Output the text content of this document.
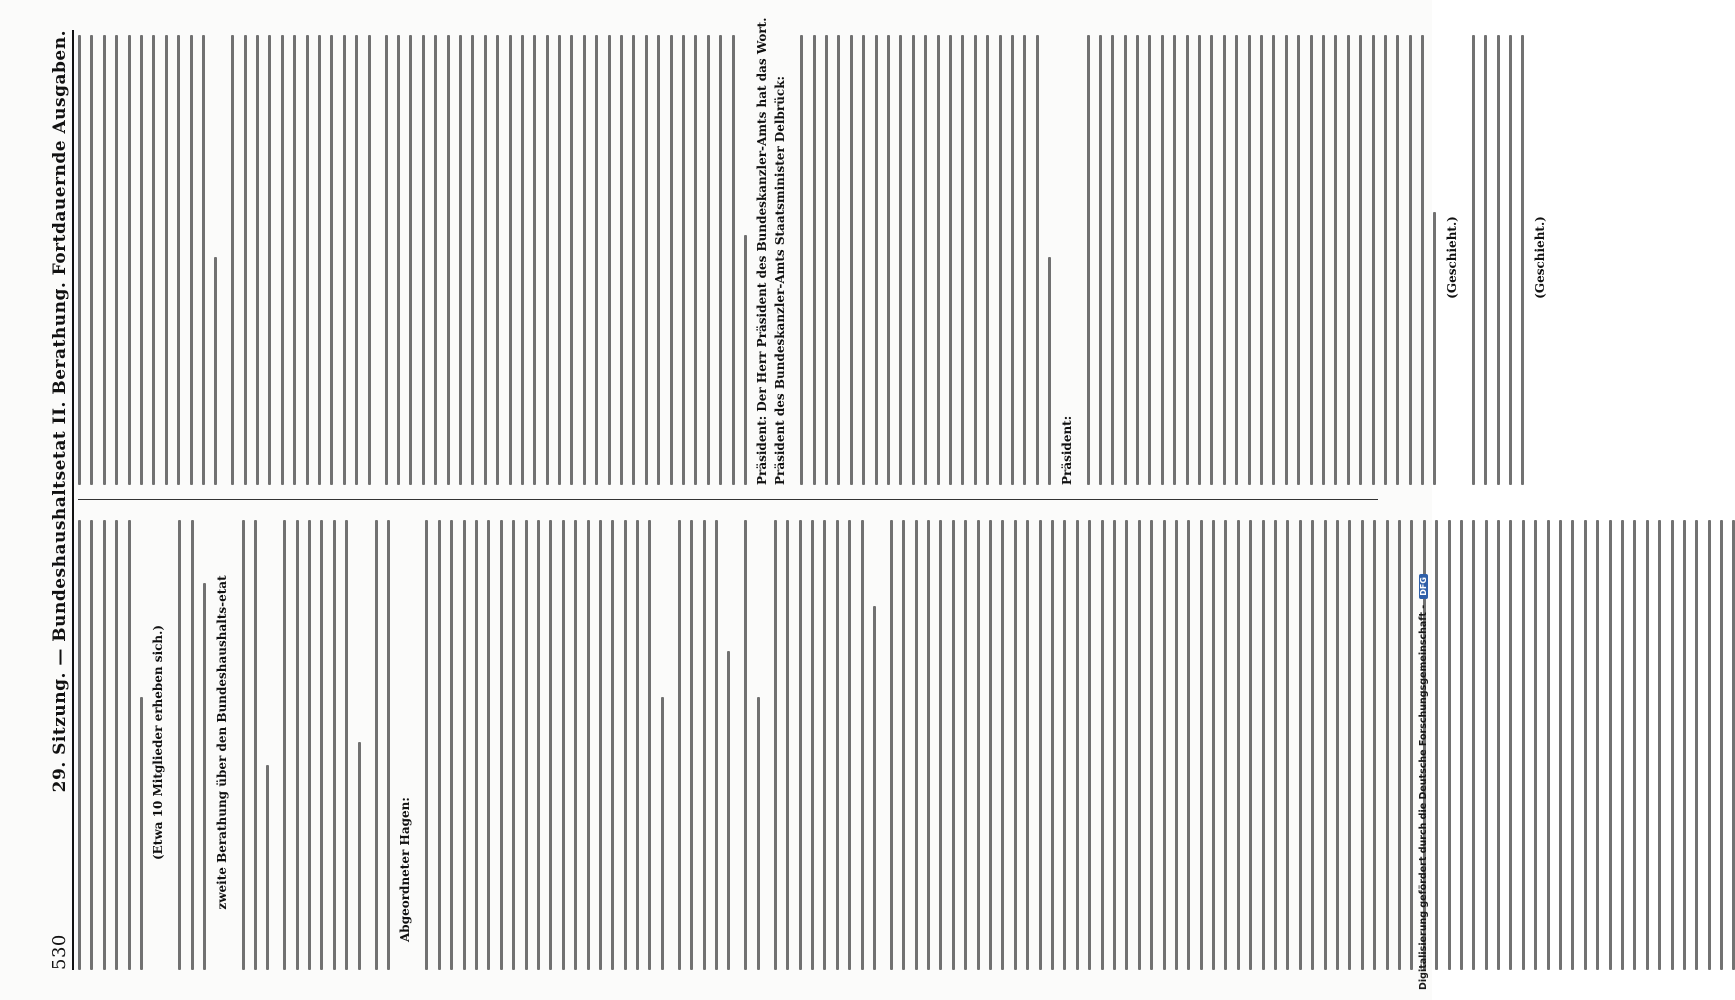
530
29. Sitzung. — Bundeshaushaltsetat II. Berathung. Fortdauernde Ausgaben.	(Etwa 10 Mitglieder erheben sich.)	zweite Berathung über den Bundeshaushalts-etat	Abgeordneter Hagen:
Präsident: Der Herr Präsident des Bundeskanzler-Amts hat das Wort. Präsident des Bundeskanzler-Amts Staatsminister Delbrück:	Präsident:
(Geschieht.)	(Geschieht.)
Digitalisierung gefördert durch die Deutsche Forschungsgemeinschaft -
DFG
